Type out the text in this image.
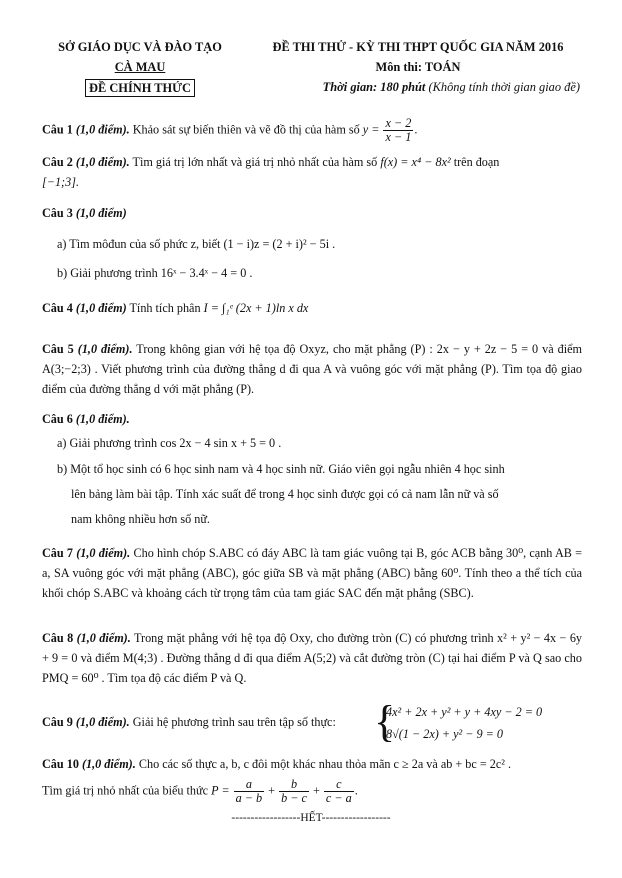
SỞ GIÁO DỤC VÀ ĐÀO TẠO
CÀ MAU
ĐỀ CHÍNH THỨC
ĐỀ THI THỬ - KỲ THI THPT QUỐC GIA NĂM 2016
Môn thi: TOÁN
Thời gian: 180 phút (Không tính thời gian giao đề)
Câu 1 (1,0 điểm). Khảo sát sự biến thiên và vẽ đồ thị của hàm số $y = \frac{x - 2}{x - 1}$ .
Câu 2 (1,0 điểm). Tìm giá trị lớn nhất và giá trị nhỏ nhất của hàm số f(x) = x⁴ − 8x² trên đoạn
[−1;3].
Câu 3 (1,0 điểm)
a) Tìm môđun của số phức z, biết (1 − i)z = (2 + i)² − 5i .
b) Giải phương trình 16ˣ − 3.4ˣ − 4 = 0 .
Câu 4 (1,0 điểm) Tính tích phân I = ∫₁ᵉ (2x + 1)ln x dx
Câu 5 (1,0 điểm). Trong không gian với hệ tọa độ Oxyz, cho mặt phẳng (P) : 2x − y + 2z − 5 = 0 và điểm A(3;−2;3) . Viết phương trình của đường thẳng d đi qua A và vuông góc với mặt phẳng (P). Tìm tọa độ giao điểm của đường thẳng d với mặt phẳng (P).
Câu 6 (1,0 điểm).
a) Giải phương trình cos 2x − 4 sin x + 5 = 0 .
b) Một tổ học sinh có 6 học sinh nam và 4 học sinh nữ. Giáo viên gọi ngẫu nhiên 4 học sinh
lên bảng làm bài tập. Tính xác suất để trong 4 học sinh được gọi có cả nam lẫn nữ và số
nam không nhiều hơn số nữ.
Câu 7 (1,0 điểm). Cho hình chóp S.ABC có đáy ABC là tam giác vuông tại B, góc ACB bằng 30⁰, cạnh AB = a, SA vuông góc với mặt phẳng (ABC), góc giữa SB và mặt phẳng (ABC) bằng 60⁰. Tính theo a thể tích của khối chóp S.ABC và khoảng cách từ trọng tâm của tam giác SAC đến mặt phẳng (SBC).
Câu 8 (1,0 điểm). Trong mặt phẳng với hệ tọa độ Oxy, cho đường tròn (C) có phương trình x² + y² − 4x − 6y + 9 = 0 và điểm M(4;3) . Đường thẳng d đi qua điểm A(5;2) và cắt đường tròn (C) tại hai điểm P và Q sao cho PMQ = 60⁰ . Tìm tọa độ các điểm P và Q.
Câu 9 (1,0 điểm). Giải hệ phương trình sau trên tập số thực: {
4x² + 2x + y² + y + 4xy − 2 = 0
8√(1 − 2x) + y² − 9 = 0
Câu 10 (1,0 điểm). Cho các số thực a, b, c đôi một khác nhau thỏa mãn c ≥ 2a và ab + bc = 2c² .
Tìm giá trị nhỏ nhất của biểu thức $P = \frac{a}{a - b} + \frac{b}{b - c} + \frac{c}{c - a}$ .
------------------HẾT------------------
